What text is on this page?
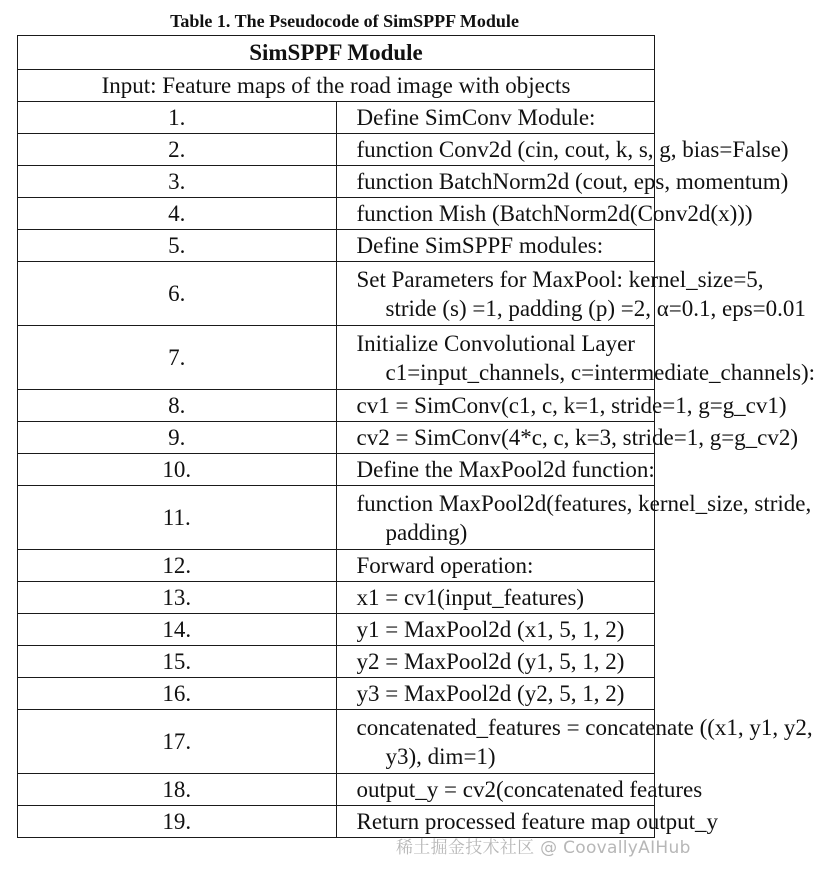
Table 1. The Pseudocode of SimSPPF Module
SimSPPF Module	
Input: Feature maps of the road image with objects	
1.	Define SimConv Module:

2.	function Conv2d (cin, cout, k, s, g, bias=False)

3.	function BatchNorm2d (cout, eps, momentum)

4.	function Mish (BatchNorm2d(Conv2d(x)))

5.	Define SimSPPF modules:

6.	Set Parameters for MaxPool: kernel_size=5,
stride (s) =1, padding (p) =2, α=0.1, eps=0.01

7.	Initialize Convolutional Layer
c1=input_channels, c=intermediate_channels):

8.	cv1 = SimConv(c1, c, k=1, stride=1, g=g_cv1)

9.	cv2 = SimConv(4*c, c, k=3, stride=1, g=g_cv2)

10.	Define the MaxPool2d function:

11.	function MaxPool2d(features, kernel_size, stride,
padding)

12.	Forward operation:

13.	x1 = cv1(input_features)

14.	y1 = MaxPool2d (x1, 5, 1, 2)

15.	y2 = MaxPool2d (y1, 5, 1, 2)

16.	y3 = MaxPool2d (y2, 5, 1, 2)

17.	concatenated_features = concatenate ((x1, y1, y2,
y3), dim=1)

18.	output_y = cv2(concatenated features

19.	Return processed feature map output_y
稀土掘金技术社区 @ CoovallyAIHub
